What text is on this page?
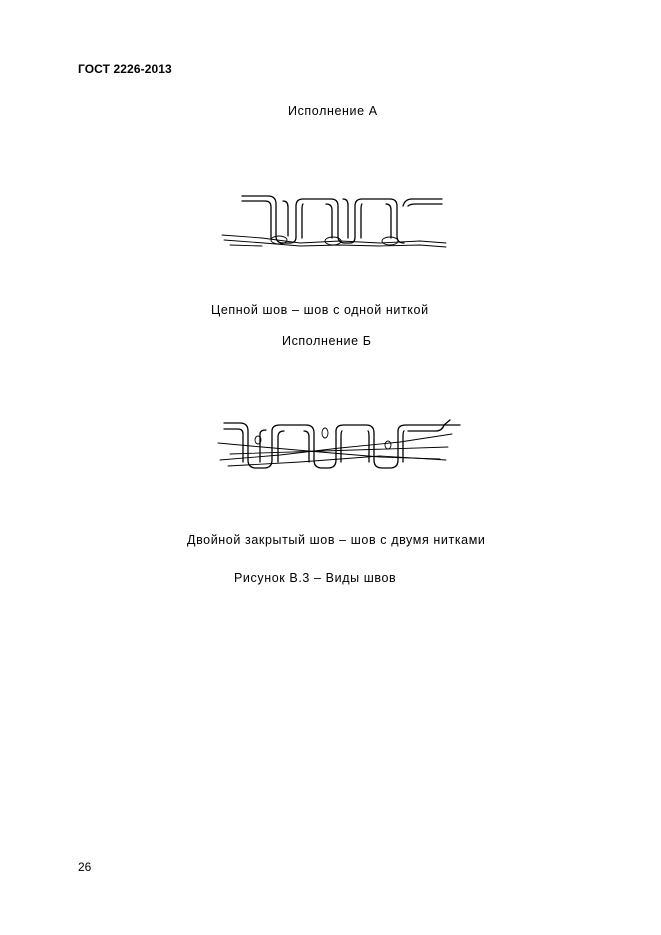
ГОСТ 2226-2013
Исполнение А
Цепной шов – шов с одной ниткой
Исполнение Б
Двойной закрытый шов – шов с двумя нитками
Рисунок В.3 – Виды швов
26
